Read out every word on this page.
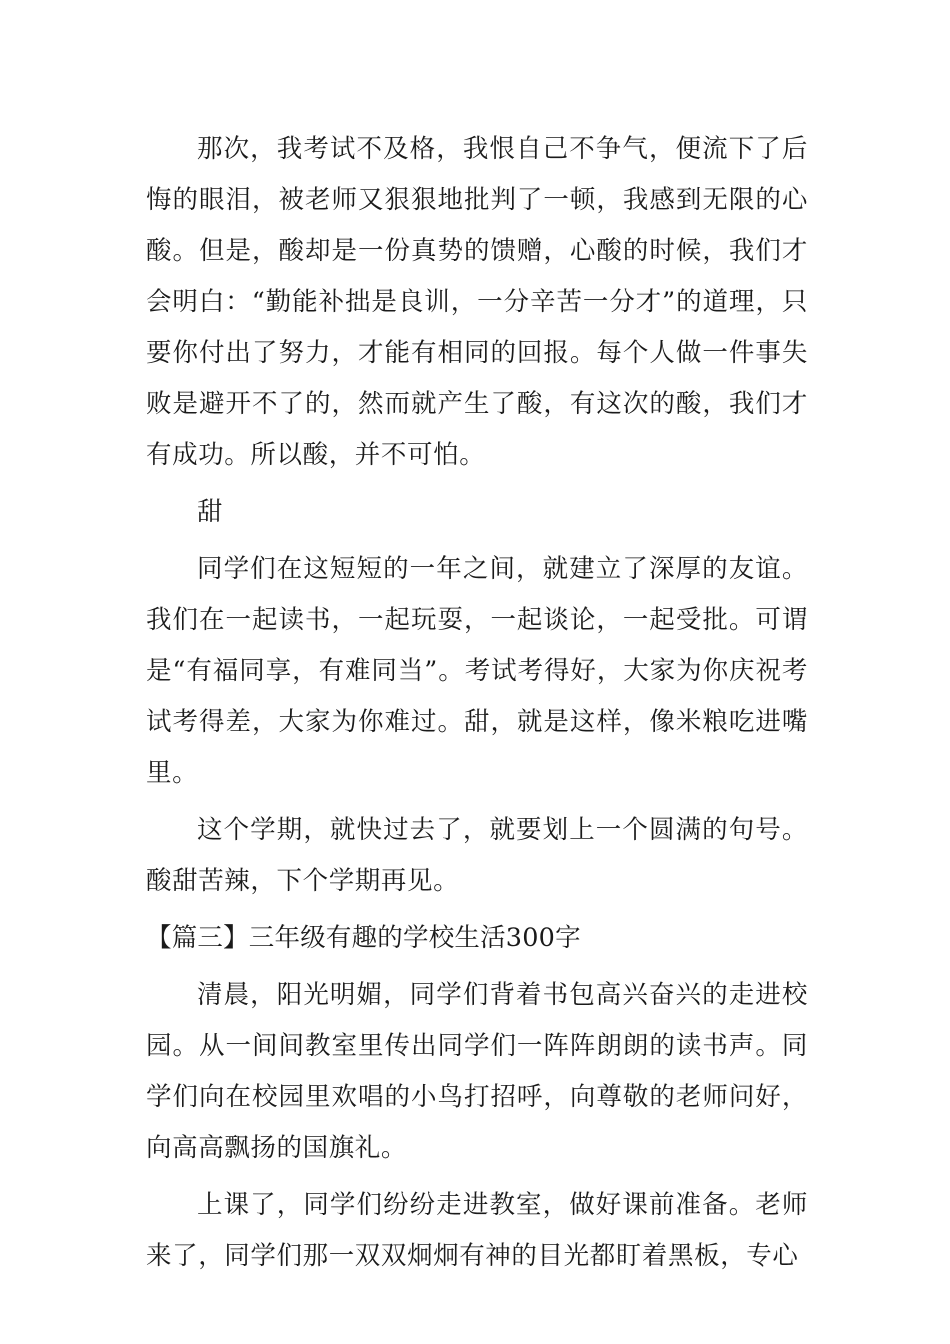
那次，我考试不及格，我恨自己不争气，便流下了后悔的眼泪，被老师又狠狠地批判了一顿，我感到无限的心酸。但是，酸却是一份真势的馈赠，心酸的时候，我们才会明白：“勤能补拙是良训，一分辛苦一分才”的道理，只要你付出了努力，才能有相同的回报。每个人做一件事失败是避开不了的，然而就产生了酸，有这次的酸，我们才有成功。所以酸，并不可怕。

甜

同学们在这短短的一年之间，就建立了深厚的友谊。我们在一起读书，一起玩耍，一起谈论，一起受批。可谓是“有福同享，有难同当”。考试考得好，大家为你庆祝考试考得差，大家为你难过。甜，就是这样，像米粮吃进嘴里。

这个学期，就快过去了，就要划上一个圆满的句号。酸甜苦辣，下个学期再见。

【篇三】三年级有趣的学校生活300字

清晨，阳光明媚，同学们背着书包高兴奋兴的走进校园。从一间间教室里传出同学们一阵阵朗朗的读书声。同学们向在校园里欢唱的小鸟打招呼，向尊敬的老师问好，向高高飘扬的国旗礼。

上课了，同学们纷纷走进教室，做好课前准备。老师来了，同学们那一双双炯炯有神的目光都盯着黑板，专心
